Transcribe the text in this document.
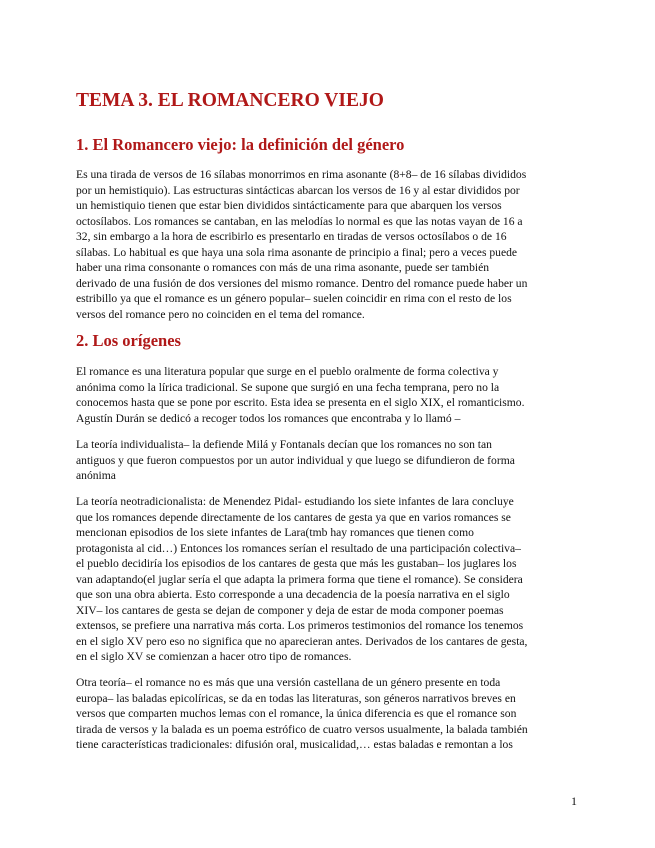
TEMA 3. EL ROMANCERO VIEJO
1. El Romancero viejo: la definición del género
Es una tirada de versos de 16 sílabas monorrimos en rima asonante (8+8– de 16 sílabas divididos
por un hemistiquio). Las estructuras sintácticas abarcan los versos de 16 y al estar divididos por
un hemistiquio tienen que estar bien divididos sintácticamente para que abarquen los versos
octosílabos. Los romances se cantaban, en las melodías lo normal es que las notas vayan de 16 a
32, sin embargo a la hora de escribirlo es presentarlo en tiradas de versos octosílabos o de 16
sílabas. Lo habitual es que haya una sola rima asonante de principio a final; pero a veces puede
haber una rima consonante o romances con más de una rima asonante, puede ser también
derivado de una fusión de dos versiones del mismo romance. Dentro del romance puede haber un
estribillo ya que el romance es un género popular– suelen coincidir en rima con el resto de los
versos del romance pero no coinciden en el tema del romance.
2. Los orígenes
El romance es una literatura popular que surge en el pueblo oralmente de forma colectiva y
anónima como la lírica tradicional. Se supone que surgió en una fecha temprana, pero no la
conocemos hasta que se pone por escrito. Esta idea se presenta en el siglo XIX, el romanticismo.
Agustín Durán se dedicó a recoger todos los romances que encontraba y lo llamó –
La teoría individualista– la defiende Milá y Fontanals decían que los romances no son tan
antiguos y que fueron compuestos por un autor individual y que luego se difundieron de forma
anónima
La teoría neotradicionalista: de Menendez Pidal- estudiando los siete infantes de lara concluye
que los romances depende directamente de los cantares de gesta ya que en varios romances se
mencionan episodios de los siete infantes de Lara(tmb hay romances que tienen como
protagonista al cid…) Entonces los romances serían el resultado de una participación colectiva–
el pueblo decidiría los episodios de los cantares de gesta que más les gustaban– los juglares los
van adaptando(el juglar sería el que adapta la primera forma que tiene el romance). Se considera
que son una obra abierta. Esto corresponde a una decadencia de la poesía narrativa en el siglo
XIV– los cantares de gesta se dejan de componer y deja de estar de moda componer poemas
extensos, se prefiere una narrativa más corta. Los primeros testimonios del romance los tenemos
en el siglo XV pero eso no significa que no aparecieran antes. Derivados de los cantares de gesta,
en el siglo XV se comienzan a hacer otro tipo de romances.
Otra teoría– el romance no es más que una versión castellana de un género presente en toda
europa– las baladas epicolíricas, se da en todas las literaturas, son géneros narrativos breves en
versos que comparten muchos lemas con el romance, la única diferencia es que el romance son
tirada de versos y la balada es un poema estrófico de cuatro versos usualmente, la balada también
tiene características tradicionales: difusión oral, musicalidad,… estas baladas e remontan a los
1
